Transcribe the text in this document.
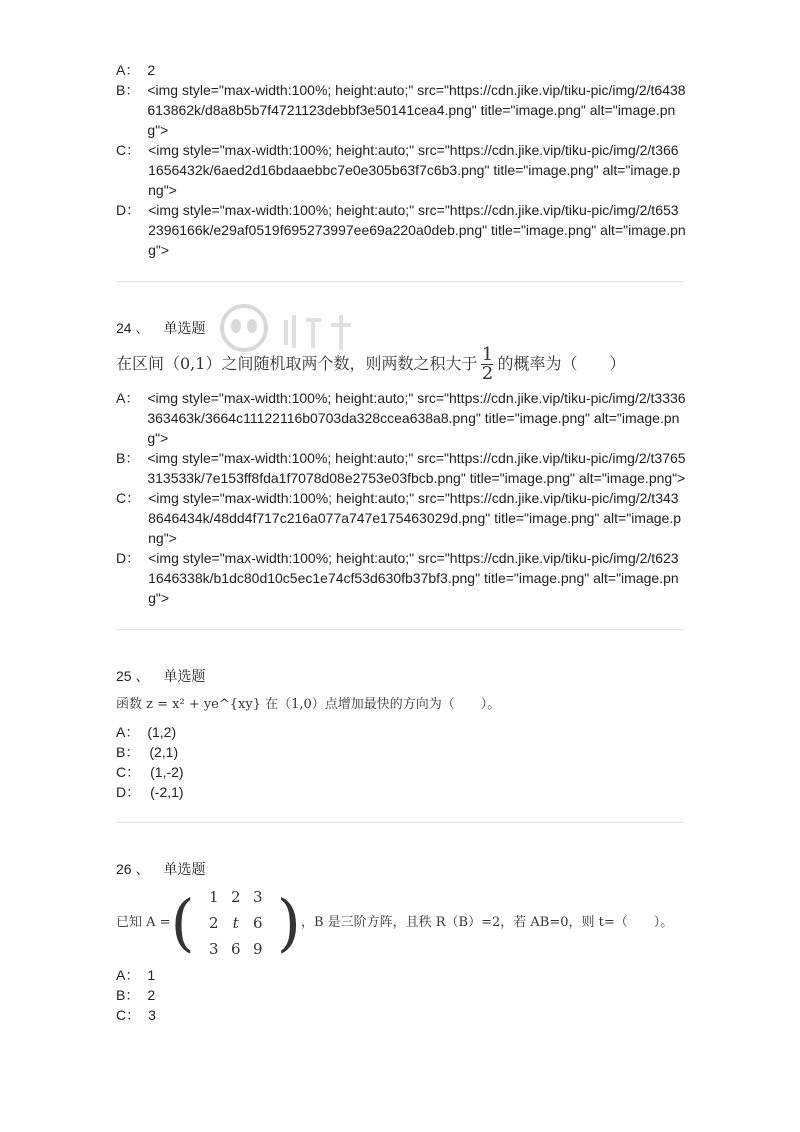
A： 2
B： <img style="max-width:100%; height:auto;" src="https://cdn.jike.vip/tiku-pic/img/2/t6438613862k/d8a8b5b7f4721123debbf3e50141cea4.png" title="image.png" alt="image.png">
C： <img style="max-width:100%; height:auto;" src="https://cdn.jike.vip/tiku-pic/img/2/t3661656432k/6aed2d16bdaaebbc7e0e305b63f7c6b3.png" title="image.png" alt="image.png">
D： <img style="max-width:100%; height:auto;" src="https://cdn.jike.vip/tiku-pic/img/2/t6532396166k/e29af0519f695273997ee69a220a0deb.png" title="image.png" alt="image.png">
24 、 单选题
在区间（0,1）之间随机取两个数，则两数之积大于 $\frac{1}{2}$ 的概率为（　　）
A： <img style="max-width:100%; height:auto;" src="https://cdn.jike.vip/tiku-pic/img/2/t3336363463k/3664c11122116b0703da328ccea638a8.png" title="image.png" alt="image.png">
B： <img style="max-width:100%; height:auto;" src="https://cdn.jike.vip/tiku-pic/img/2/t3765313533k/7e153ff8fda1f7078d08e2753e03fbcb.png" title="image.png" alt="image.png">
C： <img style="max-width:100%; height:auto;" src="https://cdn.jike.vip/tiku-pic/img/2/t3438646434k/48dd4f717c216a077a747e175463029d.png" title="image.png" alt="image.png">
D： <img style="max-width:100%; height:auto;" src="https://cdn.jike.vip/tiku-pic/img/2/t6231646338k/b1dc80d10c5ec1e74cf53d630fb37bf3.png" title="image.png" alt="image.png">
25 、 单选题
函数 z = x² + ye^{xy} 在（1,0）点增加最快的方向为（　　）。
A： (1,2)
B： (2,1)
C： (1,-2)
D： (-2,1)
26 、 单选题
已知 A = ( 1 2 3
2 t 6
3 6 9 ) ，B 是三阶方阵，且秩 R（B）=2，若 AB=0，则 t=（　　）。
A： 1
B： 2
C： 3
